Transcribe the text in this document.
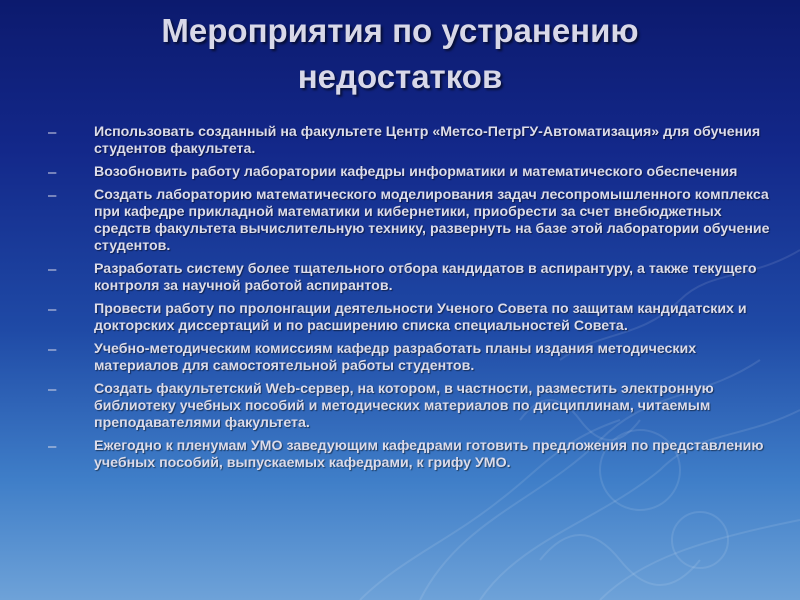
Мероприятия по устранению
недостатков
–	Использовать созданный на факультете Центр «Метсо-ПетрГУ-Автоматизация» для обучения студентов факультета.
–	Возобновить работу лаборатории кафедры информатики и математического обеспечения
–	Создать лабораторию математического моделирования задач лесопромышленного комплекса при кафедре прикладной математики и кибернетики, приобрести за счет внебюджетных средств факультета вычислительную технику, развернуть на базе этой лаборатории обучение студентов.
–	Разработать систему более тщательного отбора кандидатов в аспирантуру, а также текущего контроля за научной работой аспирантов.
–	Провести работу по пролонгации деятельности Ученого Совета по защитам кандидатских и докторских диссертаций и по расширению списка специальностей Совета.
–	Учебно-методическим комиссиям кафедр разработать планы издания методических материалов для самостоятельной работы студентов.
–	Создать факультетский Web-сервер, на котором, в частности, разместить электронную библиотеку учебных пособий и методических материалов по дисциплинам, читаемым преподавателями факультета.
–	Ежегодно к пленумам УМО заведующим кафедрами готовить предложения по представлению учебных пособий, выпускаемых кафедрами, к грифу УМО.
